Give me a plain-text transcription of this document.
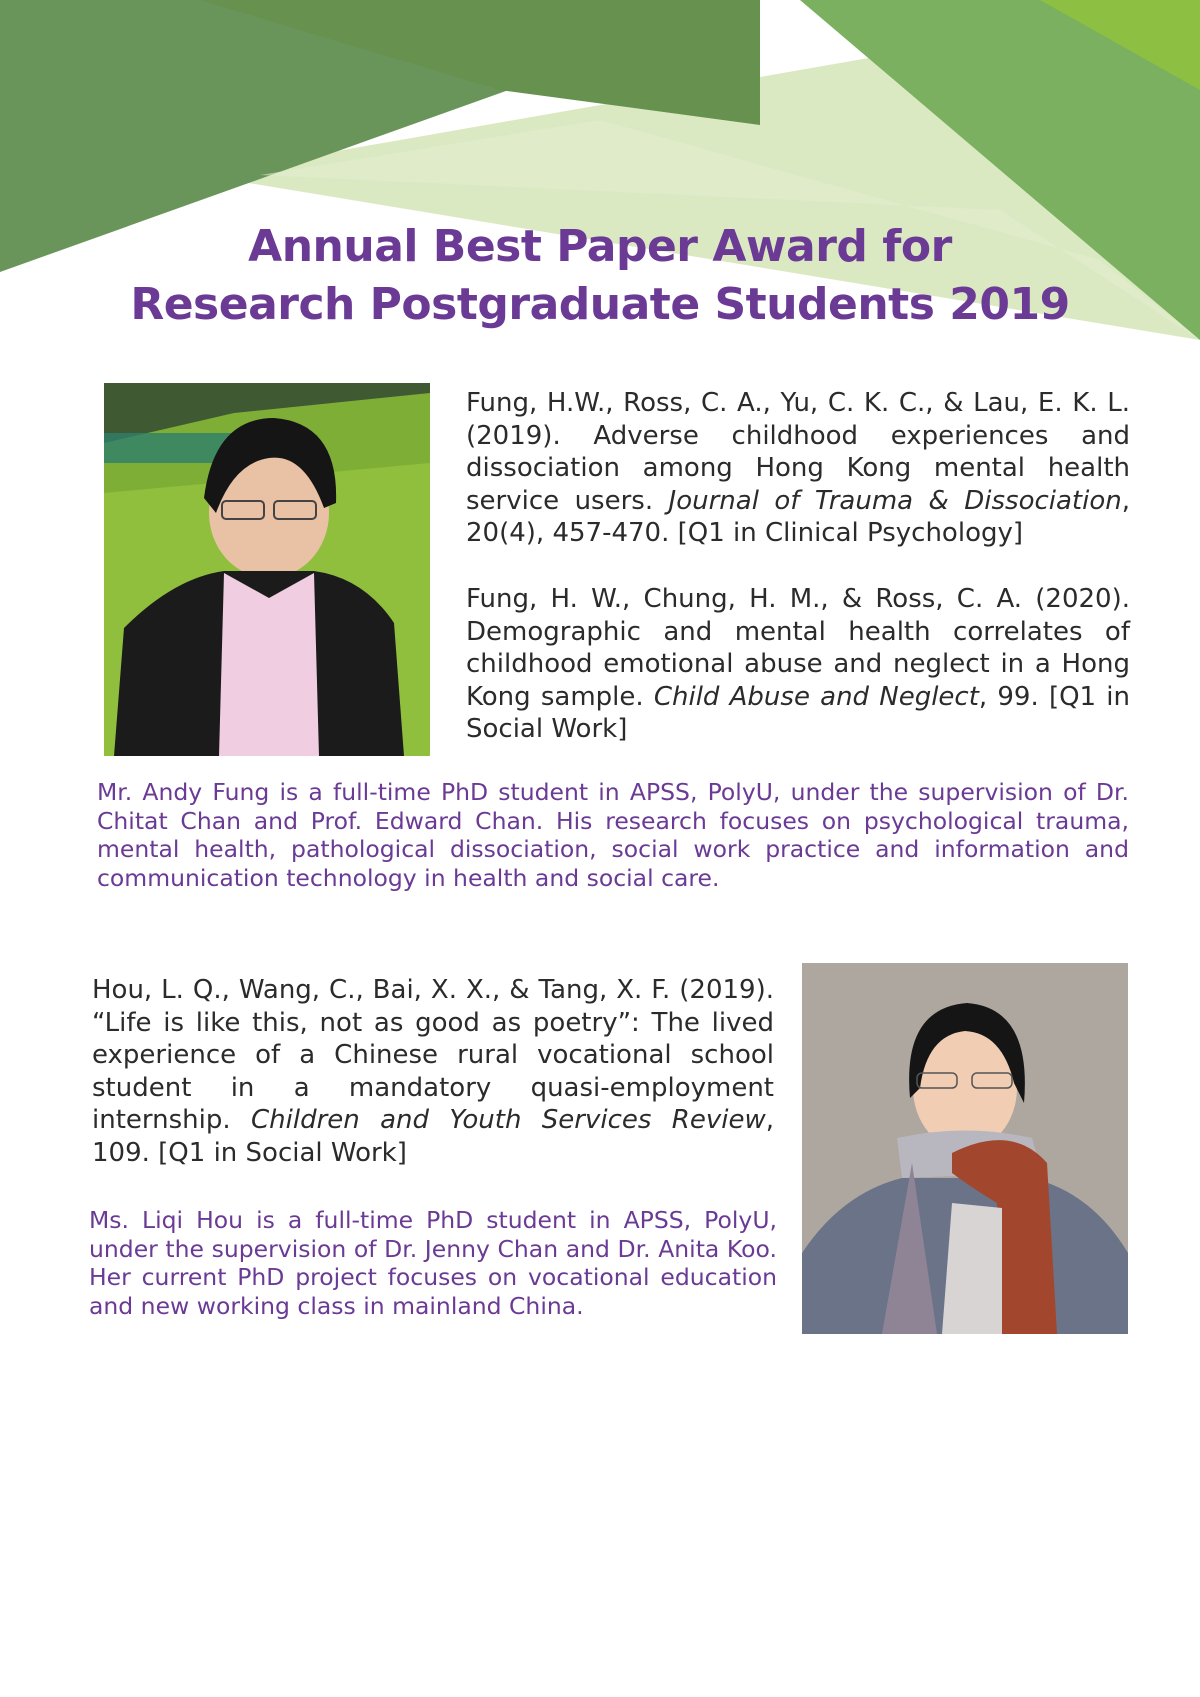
Annual Best Paper Award for
Research Postgraduate Students 2019
Fung, H.W., Ross, C. A., Yu, C. K. C., & Lau, E. K. L. (2019). Adverse childhood experiences and dissociation among Hong Kong mental health service users. Journal of Trauma & Dissociation, 20(4), 457-470. [Q1 in Clinical Psychology]
Fung, H. W., Chung, H. M., & Ross, C. A. (2020). Demographic and mental health correlates of childhood emotional abuse and neglect in a Hong Kong sample. Child Abuse and Neglect, 99. [Q1 in Social Work]
Mr. Andy Fung is a full-time PhD student in APSS, PolyU, under the supervision of Dr. Chitat Chan and Prof. Edward Chan. His research focuses on psychological trauma, mental health, pathological dissociation, social work practice and information and communication technology in health and social care.
Hou, L. Q., Wang, C., Bai, X. X., & Tang, X. F. (2019). “Life is like this, not as good as poetry”: The lived experience of a Chinese rural vocational school student in a mandatory quasi-employment internship. Children and Youth Services Review, 109. [Q1 in Social Work]
Ms. Liqi Hou is a full-time PhD student in APSS, PolyU, under the supervision of Dr. Jenny Chan and Dr. Anita Koo. Her current PhD project focuses on vocational education and new working class in mainland China.
